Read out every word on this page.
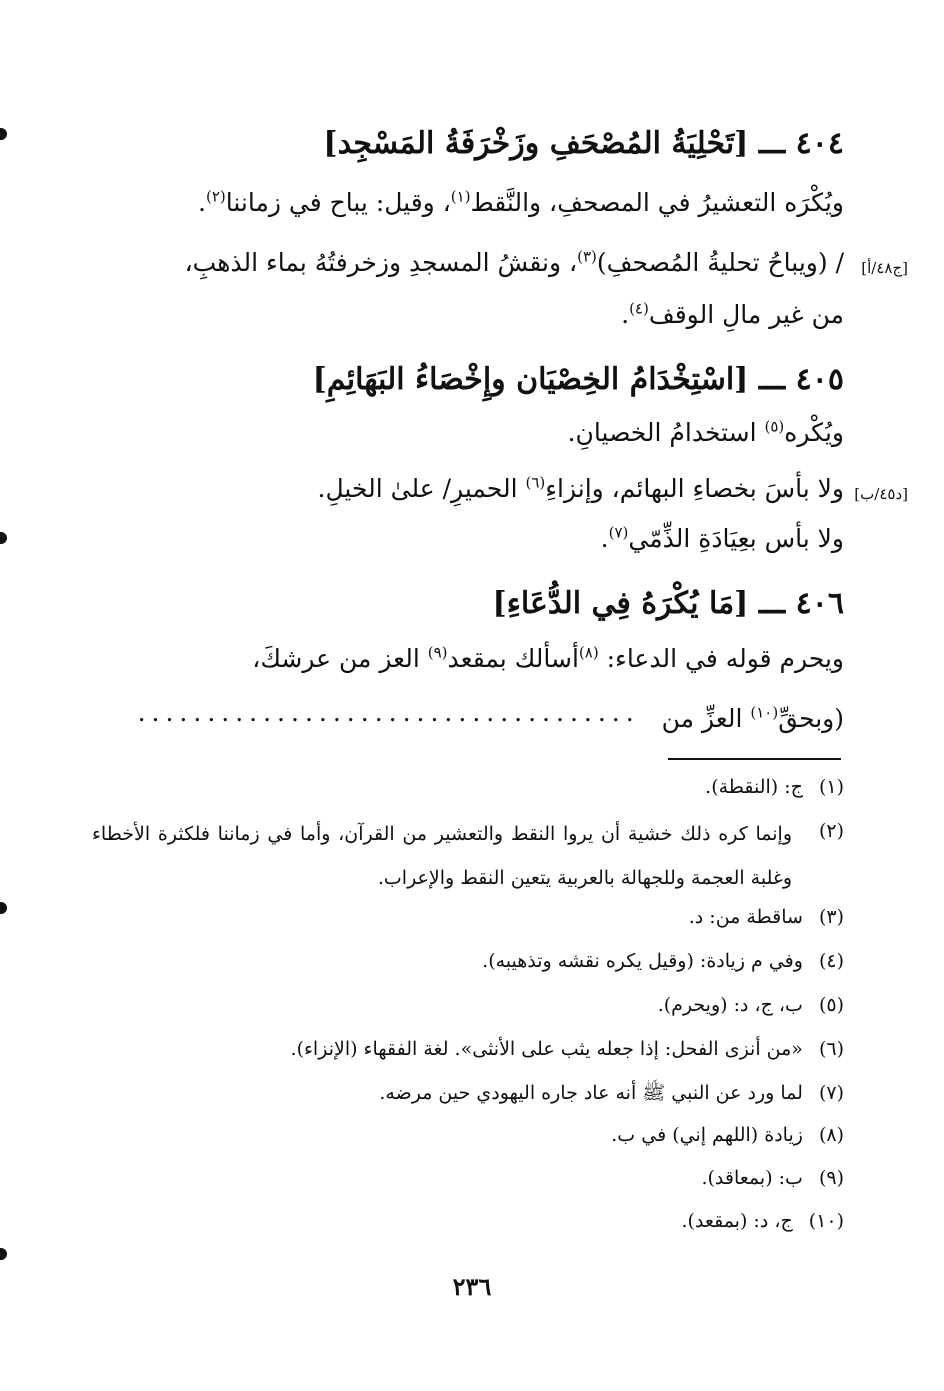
٤٠٤ ـــ [تَحْلِيَةُ المُصْحَفِ وزَخْرَفَةُ المَسْجِد]
ويُكْرَه التعشيرُ في المصحفِ، والنَّقط$^{(١)}$، وقيل: يباح في زماننا$^{(٢)}$.
[ج٤٨/أ]
/ (ويباحُ تحليةُ المُصحفِ)$^{(٣)}$، ونقشُ المسجدِ وزخرفتُهُ بماء الذهبِ،
من غير مالِ الوقف$^{(٤)}$.
٤٠٥ ـــ [اسْتِخْدَامُ الخِصْيَان وإِخْصَاءُ البَهَائِمِ]
ويُكْره$^{(٥)}$ استخدامُ الخصيانِ.
[د٤٥/ب]
ولا بأسَ بخصاءِ البهائم، وإنزاءِ$^{(٦)}$ الحميرِ/ علىٰ الخيلِ.
ولا بأس بعِيَادَةِ الذِّمّي$^{(٧)}$.
٤٠٦ ـــ [مَا يُكْرَهُ فِي الدُّعَاءِ]
ويحرم قوله في الدعاء: $^{(٨)}$أسألك بمقعد$^{(٩)}$ العز من عرشكَ،
(وبحقِّ$^{(١٠)}$ العزِّ من ....................................
(١)ج: (النقطة).
(٢)
وإنما كره ذلك خشية أن يروا النقط والتعشير من القرآن، وأما في زماننا فلكثرة الأخطاء وغلبة العجمة وللجهالة بالعربية يتعين النقط والإعراب.
(٣)ساقطة من: د.
(٤)وفي م زيادة: (وقيل يكره نقشه وتذهيبه).
(٥)ب، ج، د: (ويحرم).
(٦)«من أنزى الفحل: إذا جعله يثب على الأنثى». لغة الفقهاء (الإنزاء).
(٧)لما ورد عن النبي ﷺ أنه عاد جاره اليهودي حين مرضه.
(٨)زيادة (اللهم إني) في ب.
(٩)ب: (بمعاقد).
(١٠)ج، د: (بمقعد).
٢٣٦
